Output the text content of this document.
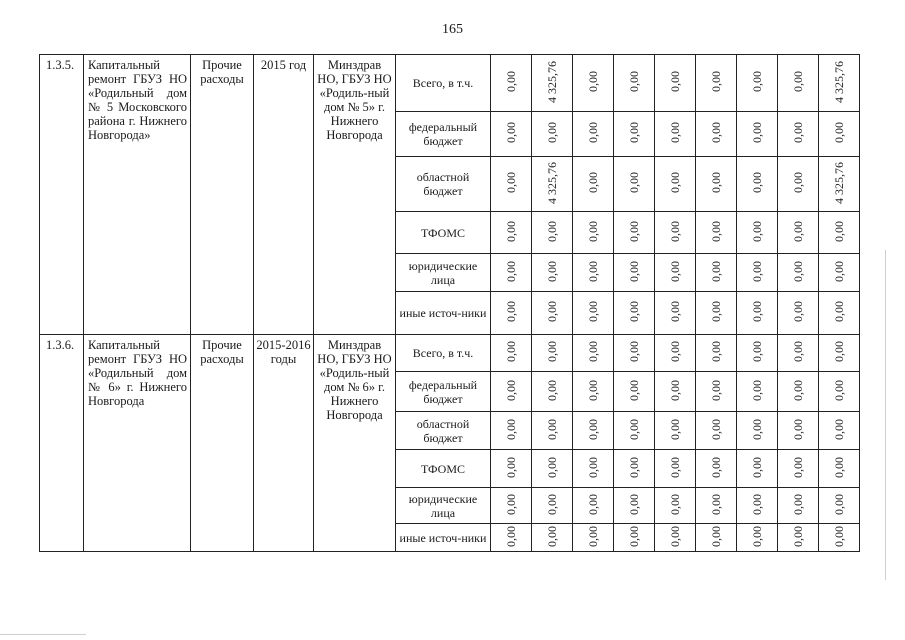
165
1.3.5.	Капитальный ремонт ГБУЗ НО «Родильный дом № 5 Московского района г. Нижнего Новгорода»	Прочие расходы	2015 год	Минздрав НО, ГБУЗ НО «Родиль-ный дом № 5» г. Нижнего Новгорода	Всего, в т.ч.	0,00	4 325,76	0,00	0,00	0,00	0,00	0,00	0,00	4 325,76
					федеральный бюджет	0,00	0,00	0,00	0,00	0,00	0,00	0,00	0,00	0,00
					областной бюджет	0,00	4 325,76	0,00	0,00	0,00	0,00	0,00	0,00	4 325,76
					ТФОМС	0,00	0,00	0,00	0,00	0,00	0,00	0,00	0,00	0,00
					юридические лица	0,00	0,00	0,00	0,00	0,00	0,00	0,00	0,00	0,00
					иные источ-ники	0,00	0,00	0,00	0,00	0,00	0,00	0,00	0,00	0,00
1.3.6.	Капитальный ремонт ГБУЗ НО «Родильный дом № 6» г. Нижнего Новгорода	Прочие расходы	2015-2016 годы	Минздрав НО, ГБУЗ НО «Родиль-ный дом № 6» г. Нижнего Новгорода	Всего, в т.ч.	0,00	0,00	0,00	0,00	0,00	0,00	0,00	0,00	0,00
					федеральный бюджет	0,00	0,00	0,00	0,00	0,00	0,00	0,00	0,00	0,00
					областной бюджет	0,00	0,00	0,00	0,00	0,00	0,00	0,00	0,00	0,00
					ТФОМС	0,00	0,00	0,00	0,00	0,00	0,00	0,00	0,00	0,00
					юридические лица	0,00	0,00	0,00	0,00	0,00	0,00	0,00	0,00	0,00
					иные источ-ники	0,00	0,00	0,00	0,00	0,00	0,00	0,00	0,00	0,00
